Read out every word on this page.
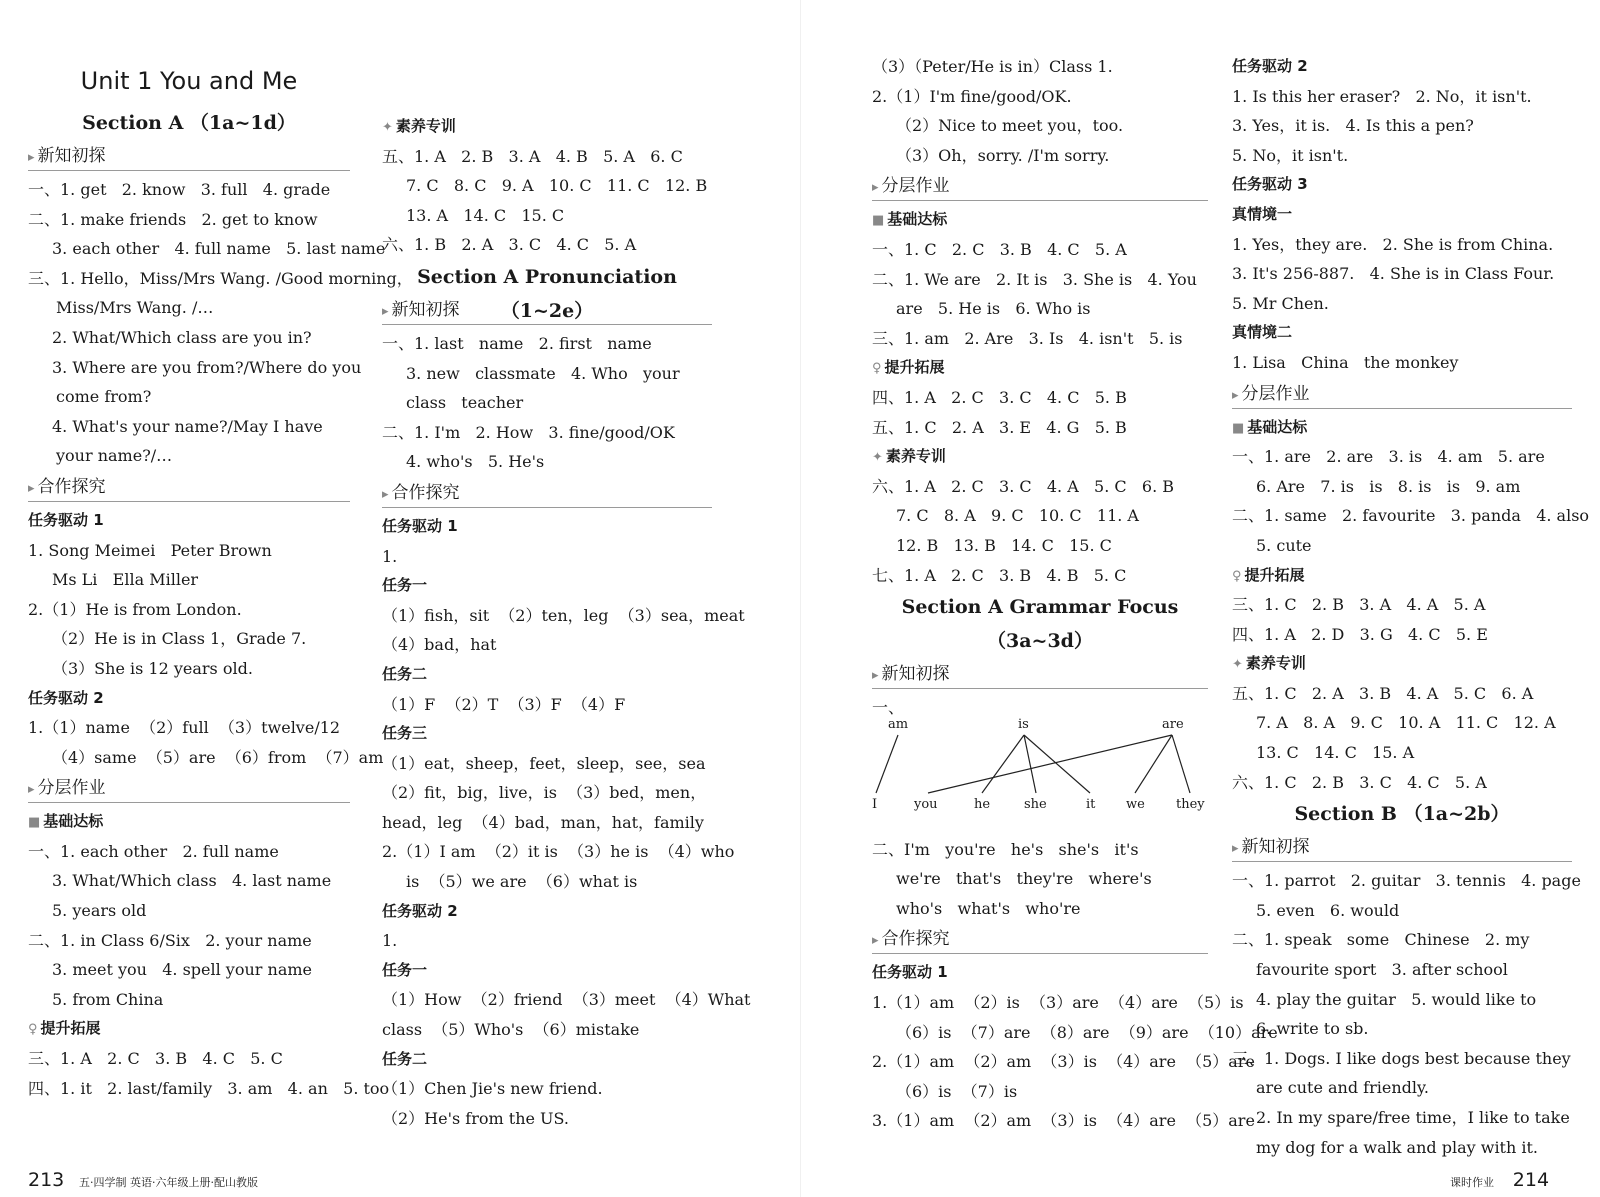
Unit 1 You and Me
Section A （1a~1d）
▸ 新知初探
一、1. get   2. know   3. full   4. grade
二、1. make friends   2. get to know
3. each other   4. full name   5. last name
三、1. Hello，Miss/Mrs Wang. /Good morning，
Miss/Mrs Wang. /…
2. What/Which class are you in?
3. Where are you from?/Where do you
come from?
4. What's your name?/May I have
your name?/…
▸ 合作探究
任务驱动 1
1. Song Meimei   Peter Brown
Ms Li   Ella Miller
2.（1）He is from London.
（2）He is in Class 1，Grade 7.
（3）She is 12 years old.
任务驱动 2
1.（1）name  （2）full  （3）twelve/12
（4）same  （5）are  （6）from  （7）am
▸ 分层作业
■ 基础达标
一、1. each other   2. full name
3. What/Which class   4. last name
5. years old
二、1. in Class 6/Six   2. your name
3. meet you   4. spell your name
5. from China
♀ 提升拓展
三、1. A   2. C   3. B   4. C   5. C
四、1. it   2. last/family   3. am   4. an   5. too
✦ 素养专训
五、1. A   2. B   3. A   4. B   5. A   6. C
7. C   8. C   9. A   10. C   11. C   12. B
13. A   14. C   15. C
六、1. B   2. A   3. C   4. C   5. A
Section A Pronunciation （1~2e）
▸ 新知初探
一、1. last   name   2. first   name
3. new   classmate   4. Who   your
class   teacher
二、1. I'm   2. How   3. fine/good/OK
4. who's   5. He's
▸ 合作探究
任务驱动 1
1.
任务一
（1）fish，sit  （2）ten，leg  （3）sea，meat
（4）bad，hat
任务二
（1）F  （2）T  （3）F  （4）F
任务三
（1）eat，sheep，feet，sleep，see，sea
（2）fit，big，live，is  （3）bed，men，
head，leg  （4）bad，man，hat，family
2.（1）I am  （2）it is  （3）he is  （4）who
is  （5）we are  （6）what is
任务驱动 2
1.
任务一
（1）How  （2）friend  （3）meet  （4）What
class  （5）Who's  （6）mistake
任务二
（1）Chen Jie's new friend.
（2）He's from the US.
（3）（Peter/He is in）Class 1.
2.（1）I'm fine/good/OK.
（2）Nice to meet you，too.
（3）Oh，sorry. /I'm sorry.
▸ 分层作业
■ 基础达标
一、1. C   2. C   3. B   4. C   5. A
二、1. We are   2. It is   3. She is   4. You
are   5. He is   6. Who is
三、1. am   2. Are   3. Is   4. isn't   5. is
♀ 提升拓展
四、1. A   2. C   3. C   4. C   5. B
五、1. C   2. A   3. E   4. G   5. B
✦ 素养专训
六、1. A   2. C   3. C   4. A   5. C   6. B
7. C   8. A   9. C   10. C   11. A
12. B   13. B   14. C   15. C
七、1. A   2. C   3. B   4. B   5. C
Section A Grammar Focus
（3a~3d）
▸ 新知初探
一、
am	is	are
I	you	he	she	it we they
二、I'm   you're   he's   she's   it's
we're   that's   they're   where's
who's   what's   who're
▸ 合作探究
任务驱动 1
1.（1）am  （2）is  （3）are  （4）are  （5）is
（6）is  （7）are  （8）are  （9）are  （10）are
2.（1）am  （2）am  （3）is  （4）are  （5）are
（6）is  （7）is
3.（1）am  （2）am  （3）is  （4）are  （5）are
任务驱动 2
1. Is this her eraser?   2. No，it isn't.
3. Yes，it is.   4. Is this a pen?
5. No，it isn't.
任务驱动 3
真情境一
1. Yes，they are.   2. She is from China.
3. It's 256-887.   4. She is in Class Four.
5. Mr Chen.
真情境二
1. Lisa   China   the monkey
▸ 分层作业
■ 基础达标
一、1. are   2. are   3. is   4. am   5. are
6. Are   7. is   is   8. is   is   9. am
二、1. same   2. favourite   3. panda   4. also
5. cute
♀ 提升拓展
三、1. C   2. B   3. A   4. A   5. A
四、1. A   2. D   3. G   4. C   5. E
✦ 素养专训
五、1. C   2. A   3. B   4. A   5. C   6. A
7. A   8. A   9. C   10. A   11. C   12. A
13. C   14. C   15. A
六、1. C   2. B   3. C   4. C   5. A
Section B （1a~2b）
▸ 新知初探
一、1. parrot   2. guitar   3. tennis   4. page
5. even   6. would
二、1. speak   some   Chinese   2. my
favourite sport   3. after school
4. play the guitar   5. would like to
6. write to sb.
三、1. Dogs. I like dogs best because they
are cute and friendly.
2. In my spare/free time，I like to take
my dog for a walk and play with it.
213 五·四学制 英语·六年级上册·配山教版	课时作业 214
